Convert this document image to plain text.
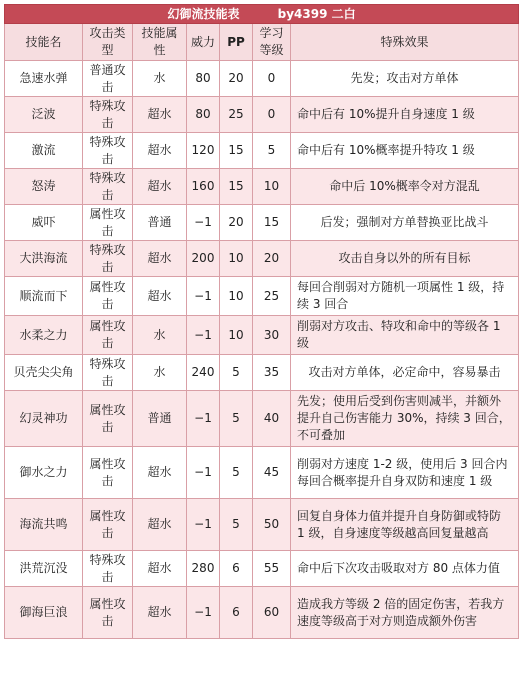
幻御流技能表 by4399 二白						
技能名	攻击类型	技能属性	威力	PP	学习等级	特殊效果
急速水弹	普通攻击	水	80	20	0	先发；攻击对方单体
泛波	特殊攻击	超水	80	25	0	命中后有 10%提升自身速度 1 级
激流	特殊攻击	超水	120	15	5	命中后有 10%概率提升特攻 1 级
怒涛	特殊攻击	超水	160	15	10	命中后 10%概率令对方混乱
威吓	属性攻击	普通	−1	20	15	后发；强制对方单替换亚比战斗
大洪海流	特殊攻击	超水	200	10	20	攻击自身以外的所有目标
顺流而下	属性攻击	超水	−1	10	25	每回合削弱对方随机一项属性 1 级，持续 3 回合
水柔之力	属性攻击	水	−1	10	30	削弱对方攻击、特攻和命中的等级各 1 级
贝壳尖尖角	特殊攻击	水	240	5	35	攻击对方单体，必定命中，容易暴击
幻灵神功	属性攻击	普通	−1	5	40	先发；使用后受到伤害则减半，并额外提升自己伤害能力 30%，持续 3 回合，不可叠加
御水之力	属性攻击	超水	−1	5	45	削弱对方速度 1-2 级，使用后 3 回合内每回合概率提升自身双防和速度 1 级
海流共鸣	属性攻击	超水	−1	5	50	回复自身体力值并提升自身防御或特防 1 级，自身速度等级越高回复量越高
洪荒沉没	特殊攻击	超水	280	6	55	命中后下次攻击吸取对方 80 点体力值
御海巨浪	属性攻击	超水	−1	6	60	造成我方等级 2 倍的固定伤害，若我方速度等级高于对方则造成额外伤害
